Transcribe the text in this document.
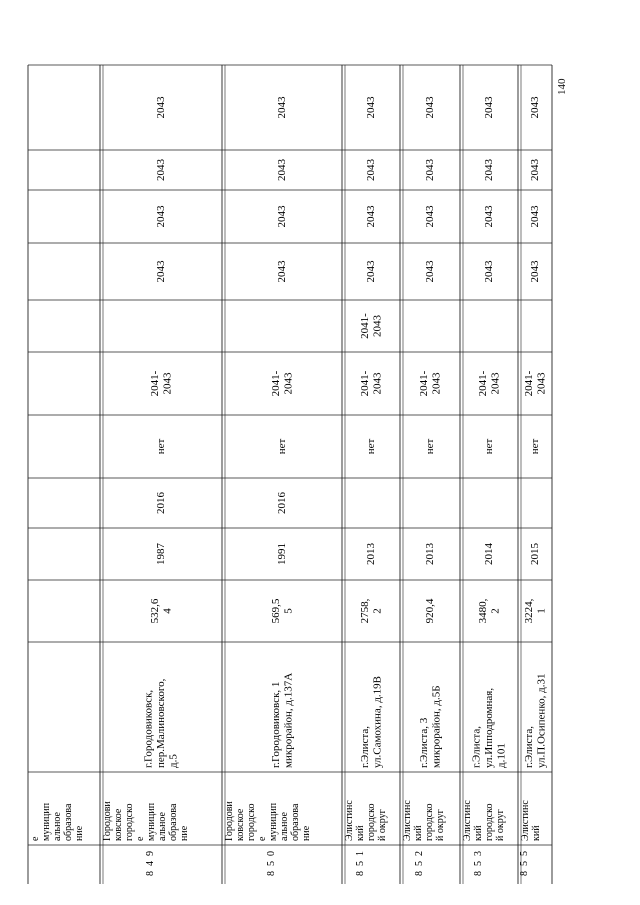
е муницип альное образова ние
8
4
9
Городови ковское городско е муницип альное образова ние
г.Городовиковск, пер.Малиновского, д.5
532,6 4
1987
2016
нет
2041- 2043
2043
2043
2043
2043
8
5
0
Городови ковское городско е муницип альное образова ние
г.Городовиковск, 1 микрорайон, д.137А
569,5 5
1991
2016
нет
2041- 2043
2043
2043
2043
2043
8
5
1
Элистинс кий городско й округ
г.Элиста, ул.Самохина, д.19В
2758, 2
2013
нет
2041- 2043
2041- 2043
2043
2043
2043
2043
8
5
2
Элистинс кий городско й округ
г.Элиста, 3 микрорайон, д.5Б
920,4
2013
нет
2041- 2043
2043
2043
2043
2043
8
5
3
Элистинс кий городско й округ
г.Элиста, ул.Ипподромная, д.101
3480, 2
2014
нет
2041- 2043
2043
2043
2043
2043
8
5
5
Элистинс кий
г.Элиста, ул.П.Осипенко, д.31
3224, 1
2015
нет
2041- 2043
2043
2043
2043
2043
140
